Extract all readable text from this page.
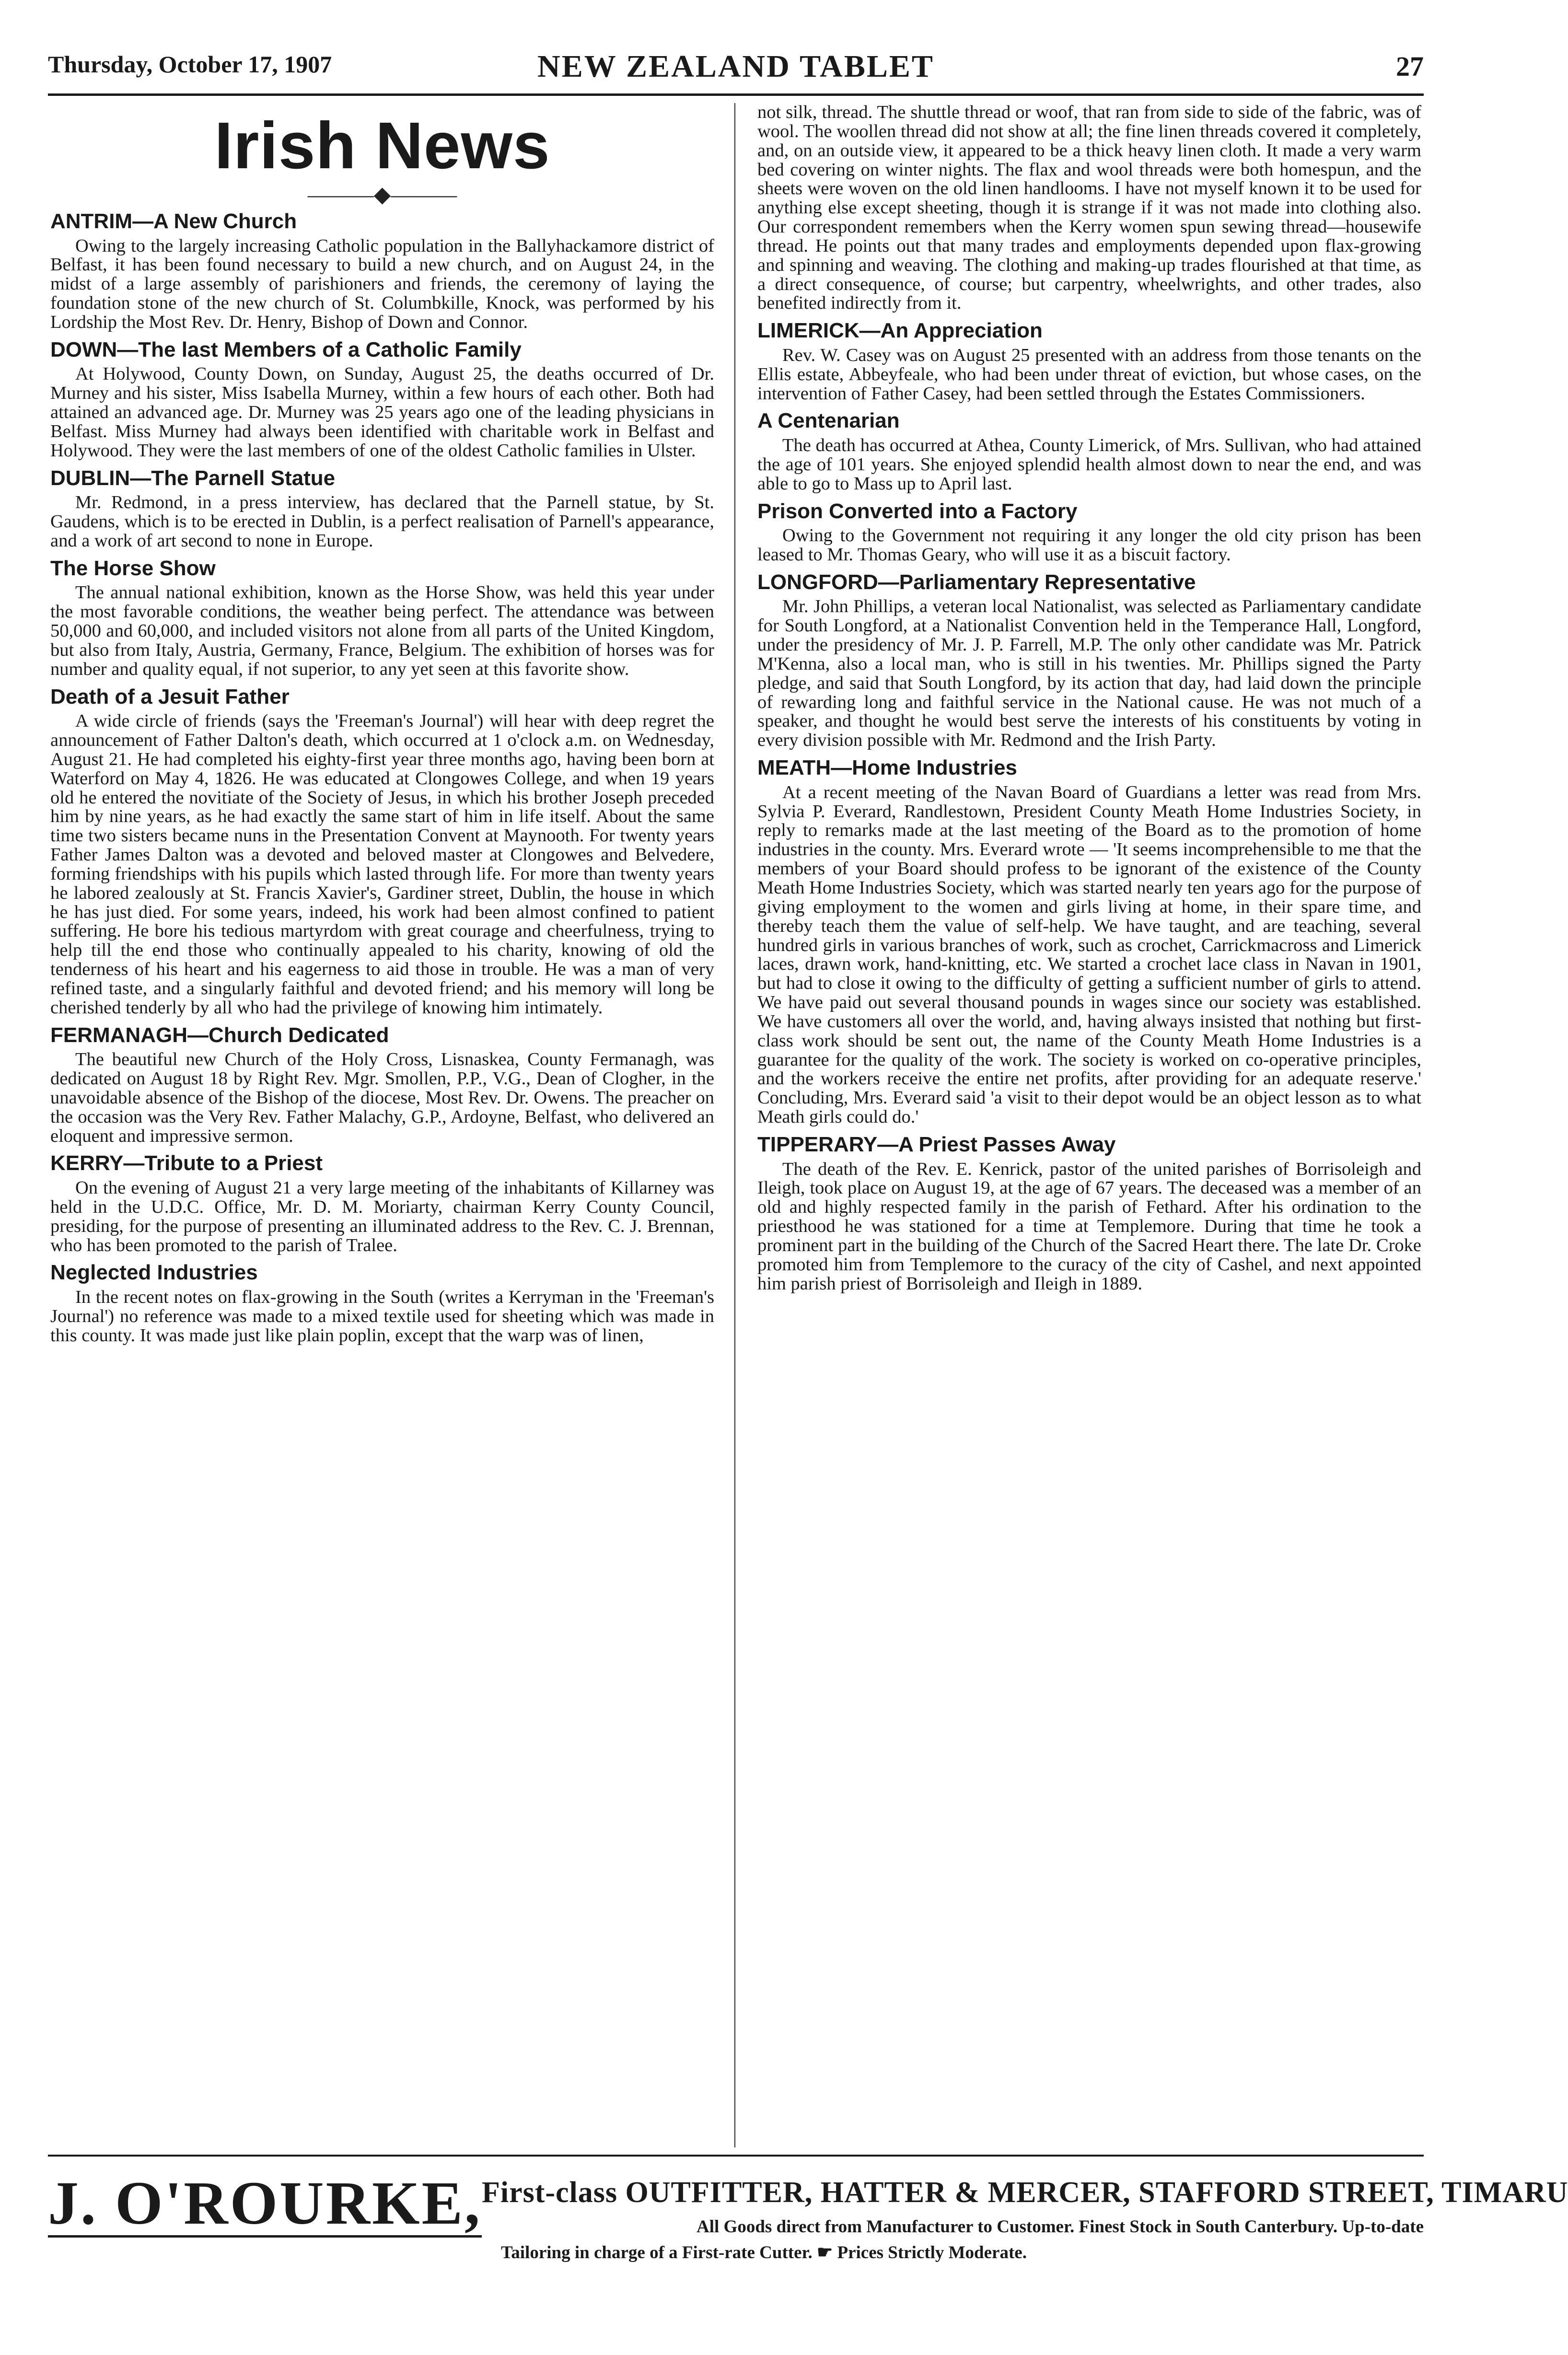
Thursday, October 17, 1907	NEW ZEALAND TABLET	27
Irish News
———◆———
ANTRIM—A New Church

Owing to the largely increasing Catholic population in the Ballyhackamore district of Belfast, it has been found necessary to build a new church, and on August 24, in the midst of a large assembly of parishioners and friends, the ceremony of laying the foundation stone of the new church of St. Columbkille, Knock, was performed by his Lordship the Most Rev. Dr. Henry, Bishop of Down and Connor.

DOWN—The last Members of a Catholic Family

At Holywood, County Down, on Sunday, August 25, the deaths occurred of Dr. Murney and his sister, Miss Isabella Murney, within a few hours of each other. Both had attained an advanced age. Dr. Murney was 25 years ago one of the leading physicians in Belfast. Miss Murney had always been identified with charitable work in Belfast and Holywood. They were the last members of one of the oldest Catholic families in Ulster.

DUBLIN—The Parnell Statue

Mr. Redmond, in a press interview, has declared that the Parnell statue, by St. Gaudens, which is to be erected in Dublin, is a perfect realisation of Parnell's appearance, and a work of art second to none in Europe.

The Horse Show

The annual national exhibition, known as the Horse Show, was held this year under the most favorable conditions, the weather being perfect. The attendance was between 50,000 and 60,000, and included visitors not alone from all parts of the United Kingdom, but also from Italy, Austria, Germany, France, Belgium. The exhibition of horses was for number and quality equal, if not superior, to any yet seen at this favorite show.

Death of a Jesuit Father

A wide circle of friends (says the 'Freeman's Journal') will hear with deep regret the announcement of Father Dalton's death, which occurred at 1 o'clock a.m. on Wednesday, August 21. He had completed his eighty-first year three months ago, having been born at Waterford on May 4, 1826. He was educated at Clongowes College, and when 19 years old he entered the novitiate of the Society of Jesus, in which his brother Joseph preceded him by nine years, as he had exactly the same start of him in life itself. About the same time two sisters became nuns in the Presentation Convent at Maynooth. For twenty years Father James Dalton was a devoted and beloved master at Clongowes and Belvedere, forming friendships with his pupils which lasted through life. For more than twenty years he labored zealously at St. Francis Xavier's, Gardiner street, Dublin, the house in which he has just died. For some years, indeed, his work had been almost confined to patient suffering. He bore his tedious martyrdom with great courage and cheerfulness, trying to help till the end those who continually appealed to his charity, knowing of old the tenderness of his heart and his eagerness to aid those in trouble. He was a man of very refined taste, and a singularly faithful and devoted friend; and his memory will long be cherished tenderly by all who had the privilege of knowing him intimately.

FERMANAGH—Church Dedicated

The beautiful new Church of the Holy Cross, Lisnaskea, County Fermanagh, was dedicated on August 18 by Right Rev. Mgr. Smollen, P.P., V.G., Dean of Clogher, in the unavoidable absence of the Bishop of the diocese, Most Rev. Dr. Owens. The preacher on the occasion was the Very Rev. Father Malachy, G.P., Ardoyne, Belfast, who delivered an eloquent and impressive sermon.

KERRY—Tribute to a Priest

On the evening of August 21 a very large meeting of the inhabitants of Killarney was held in the U.D.C. Office, Mr. D. M. Moriarty, chairman Kerry County Council, presiding, for the purpose of presenting an illuminated address to the Rev. C. J. Brennan, who has been promoted to the parish of Tralee.

Neglected Industries

In the recent notes on flax-growing in the South (writes a Kerryman in the 'Freeman's Journal') no reference was made to a mixed textile used for sheeting which was made in this county. It was made just like plain poplin, except that the warp was of linen,

not silk, thread. The shuttle thread or woof, that ran from side to side of the fabric, was of wool. The woollen thread did not show at all; the fine linen threads covered it completely, and, on an outside view, it appeared to be a thick heavy linen cloth. It made a very warm bed covering on winter nights. The flax and wool threads were both homespun, and the sheets were woven on the old linen handlooms. I have not myself known it to be used for anything else except sheeting, though it is strange if it was not made into clothing also. Our correspondent remembers when the Kerry women spun sewing thread—housewife thread. He points out that many trades and employments depended upon flax-growing and spinning and weaving. The clothing and making-up trades flourished at that time, as a direct consequence, of course; but carpentry, wheelwrights, and other trades, also benefited indirectly from it.

LIMERICK—An Appreciation

Rev. W. Casey was on August 25 presented with an address from those tenants on the Ellis estate, Abbeyfeale, who had been under threat of eviction, but whose cases, on the intervention of Father Casey, had been settled through the Estates Commissioners.

A Centenarian

The death has occurred at Athea, County Limerick, of Mrs. Sullivan, who had attained the age of 101 years. She enjoyed splendid health almost down to near the end, and was able to go to Mass up to April last.

Prison Converted into a Factory

Owing to the Government not requiring it any longer the old city prison has been leased to Mr. Thomas Geary, who will use it as a biscuit factory.

LONGFORD—Parliamentary Representative

Mr. John Phillips, a veteran local Nationalist, was selected as Parliamentary candidate for South Longford, at a Nationalist Convention held in the Temperance Hall, Longford, under the presidency of Mr. J. P. Farrell, M.P. The only other candidate was Mr. Patrick M'Kenna, also a local man, who is still in his twenties. Mr. Phillips signed the Party pledge, and said that South Longford, by its action that day, had laid down the principle of rewarding long and faithful service in the National cause. He was not much of a speaker, and thought he would best serve the interests of his constituents by voting in every division possible with Mr. Redmond and the Irish Party.

MEATH—Home Industries

At a recent meeting of the Navan Board of Guardians a letter was read from Mrs. Sylvia P. Everard, Randlestown, President County Meath Home Industries Society, in reply to remarks made at the last meeting of the Board as to the promotion of home industries in the county. Mrs. Everard wrote — 'It seems incomprehensible to me that the members of your Board should profess to be ignorant of the existence of the County Meath Home Industries Society, which was started nearly ten years ago for the purpose of giving employment to the women and girls living at home, in their spare time, and thereby teach them the value of self-help. We have taught, and are teaching, several hundred girls in various branches of work, such as crochet, Carrickmacross and Limerick laces, drawn work, hand-knitting, etc. We started a crochet lace class in Navan in 1901, but had to close it owing to the difficulty of getting a sufficient number of girls to attend. We have paid out several thousand pounds in wages since our society was established. We have customers all over the world, and, having always insisted that nothing but first-class work should be sent out, the name of the County Meath Home Industries is a guarantee for the quality of the work. The society is worked on co-operative principles, and the workers receive the entire net profits, after providing for an adequate reserve.' Concluding, Mrs. Everard said 'a visit to their depot would be an object lesson as to what Meath girls could do.'

TIPPERARY—A Priest Passes Away

The death of the Rev. E. Kenrick, pastor of the united parishes of Borrisoleigh and Ileigh, took place on August 19, at the age of 67 years. The deceased was a member of an old and highly respected family in the parish of Fethard. After his ordination to the priesthood he was stationed for a time at Templemore. During that time he took a prominent part in the building of the Church of the Sacred Heart there. The late Dr. Croke promoted him from Templemore to the curacy of the city of Cashel, and next appointed him parish priest of Borrisoleigh and Ileigh in 1889.

J. O'ROURKE, First-class OUTFITTER, HATTER & MERCER, STAFFORD STREET, TIMARU
All Goods direct from Manufacturer to Customer. Finest Stock in South Canterbury. Up-to-date
Tailoring in charge of a First-rate Cutter. ☛ Prices Strictly Moderate.
